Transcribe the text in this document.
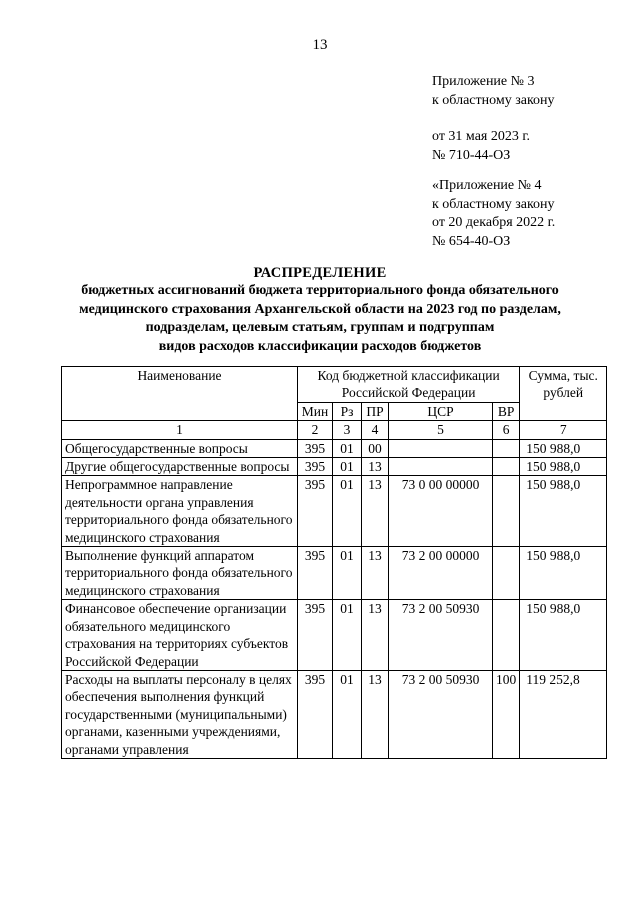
13
Приложение № 3
к областному закону
от 31 мая 2023 г.
№ 710-44-ОЗ
«Приложение № 4
к областному закону
от 20 декабря 2022 г.
№ 654-40-ОЗ
РАСПРЕДЕЛЕНИЕ
бюджетных ассигнований бюджета территориального фонда обязательного
медицинского страхования Архангельской области на 2023 год по разделам,
подразделам, целевым статьям, группам и подгруппам
видов расходов классификации расходов бюджетов
Наименование	Код бюджетной классификации Российской Федерации					Сумма, тыс. рублей
	Мин	Рз	ПР	ЦСР	ВР	
1	2	3	4	5	6	7
Общегосударственные вопросы	395	01	00			150 988,0
Другие общегосударственные вопросы	395	01	13			150 988,0
Непрограммное направление деятельности органа управления территориального фонда обязательного медицинского страхования	395	01	13	73 0 00 00000		150 988,0
Выполнение функций аппаратом территориального фонда обязательного медицинского страхования	395	01	13	73 2 00 00000		150 988,0
Финансовое обеспечение организации обязательного медицинского страхования на территориях субъектов Российской Федерации	395	01	13	73 2 00 50930		150 988,0
Расходы на выплаты персоналу в целях обеспечения выполнения функций государственными (муниципальными) органами, казенными учреждениями, органами управления	395	01	13	73 2 00 50930	100	119 252,8
